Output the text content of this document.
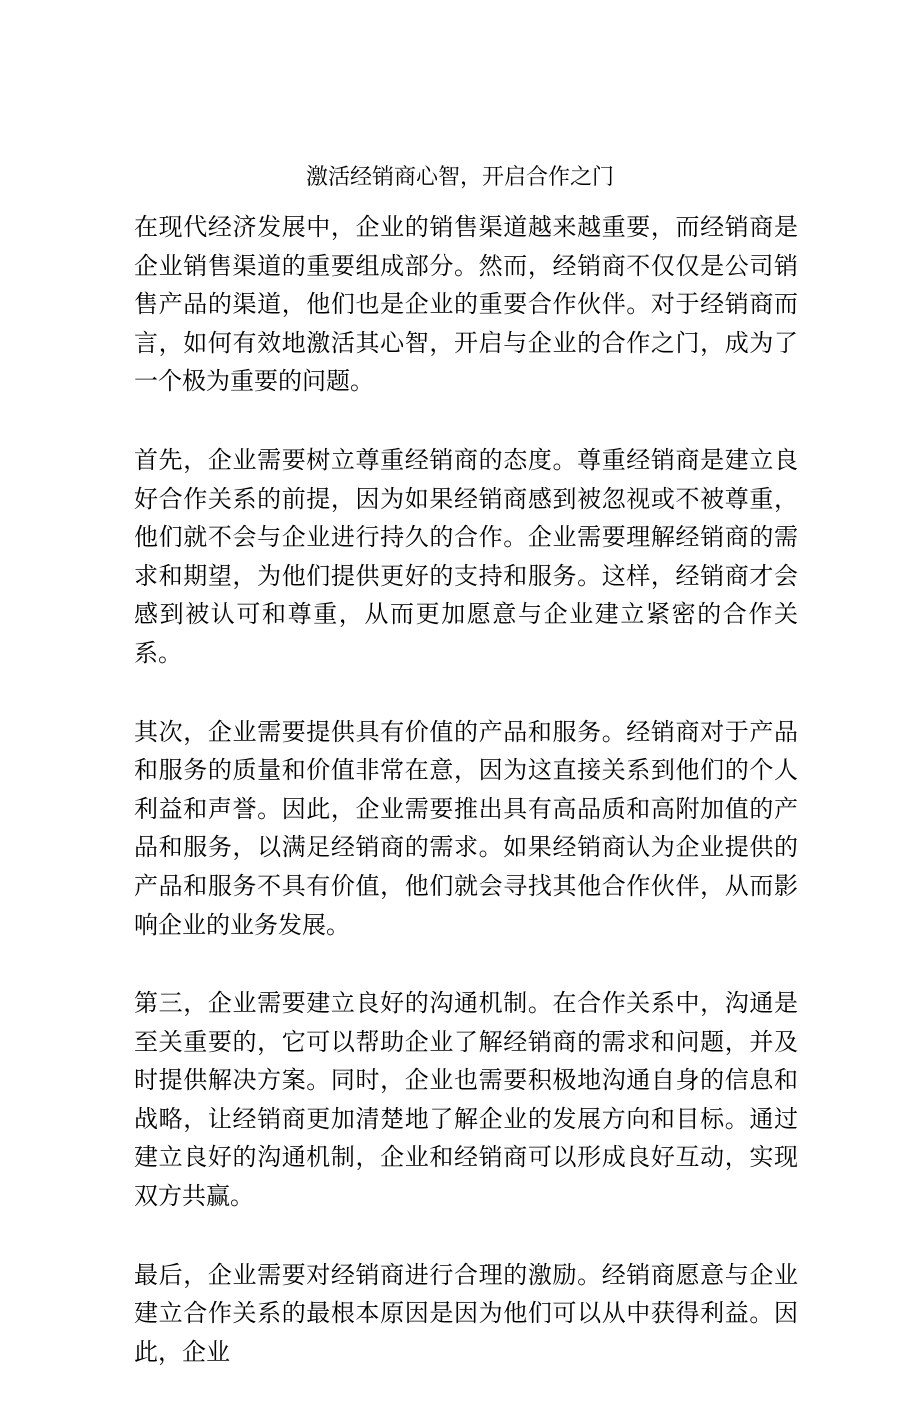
激活经销商心智，开启合作之门

在现代经济发展中，企业的销售渠道越来越重要，而经销商是企业销售渠道的重要组成部分。然而，经销商不仅仅是公司销售产品的渠道，他们也是企业的重要合作伙伴。对于经销商而言，如何有效地激活其心智，开启与企业的合作之门，成为了一个极为重要的问题。

首先，企业需要树立尊重经销商的态度。尊重经销商是建立良好合作关系的前提，因为如果经销商感到被忽视或不被尊重，他们就不会与企业进行持久的合作。企业需要理解经销商的需求和期望，为他们提供更好的支持和服务。这样，经销商才会感到被认可和尊重，从而更加愿意与企业建立紧密的合作关系。

其次，企业需要提供具有价值的产品和服务。经销商对于产品和服务的质量和价值非常在意，因为这直接关系到他们的个人利益和声誉。因此，企业需要推出具有高品质和高附加值的产品和服务，以满足经销商的需求。如果经销商认为企业提供的产品和服务不具有价值，他们就会寻找其他合作伙伴，从而影响企业的业务发展。

第三，企业需要建立良好的沟通机制。在合作关系中，沟通是至关重要的，它可以帮助企业了解经销商的需求和问题，并及时提供解决方案。同时，企业也需要积极地沟通自身的信息和战略，让经销商更加清楚地了解企业的发展方向和目标。通过建立良好的沟通机制，企业和经销商可以形成良好互动，实现双方共赢。

最后，企业需要对经销商进行合理的激励。经销商愿意与企业建立合作关系的最根本原因是因为他们可以从中获得利益。因此，企业
